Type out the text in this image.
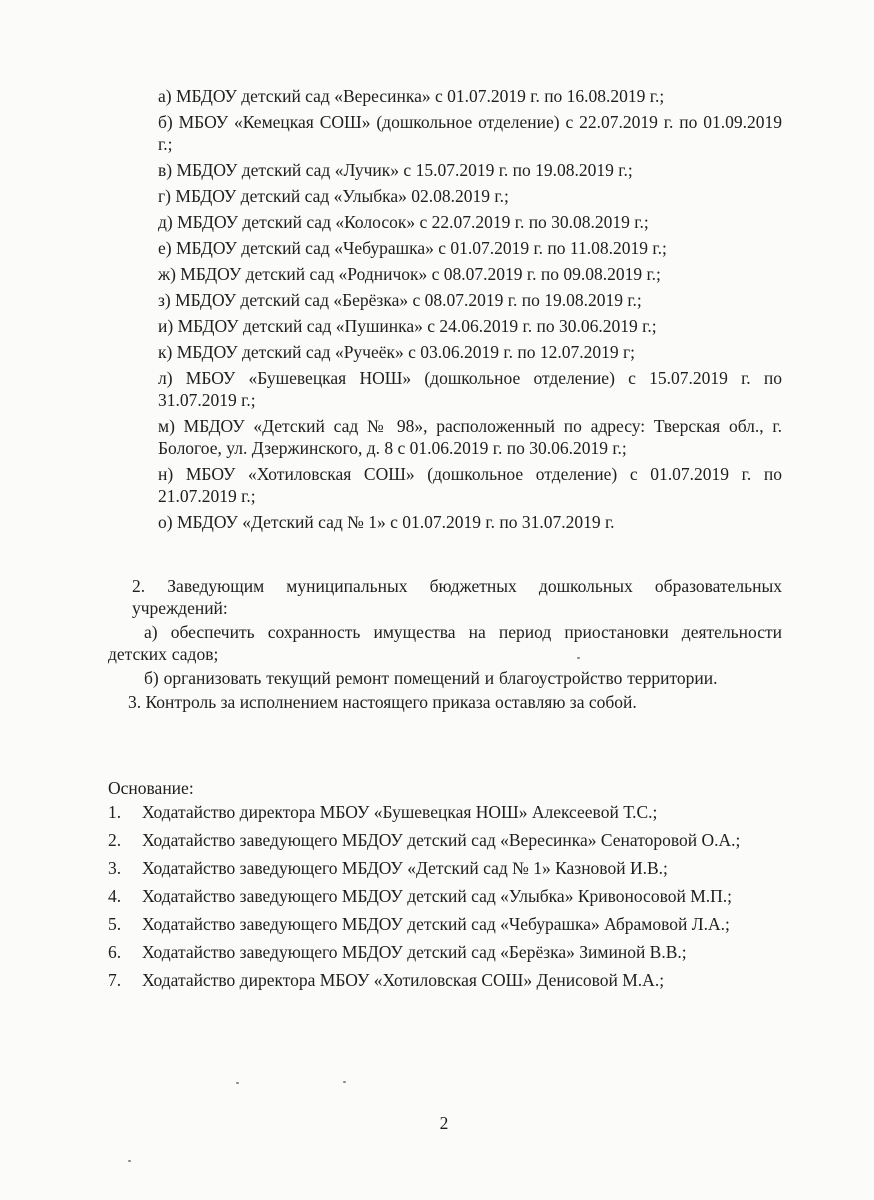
а) МБДОУ детский сад «Вересинка» с 01.07.2019 г. по 16.08.2019 г.;
б) МБОУ «Кемецкая СОШ» (дошкольное отделение) с 22.07.2019 г. по 01.09.2019 г.;
в) МБДОУ детский сад «Лучик» с 15.07.2019 г. по 19.08.2019 г.;
г) МБДОУ детский сад «Улыбка» 02.08.2019 г.;
д) МБДОУ детский сад «Колосок» с 22.07.2019 г. по 30.08.2019 г.;
е) МБДОУ детский сад «Чебурашка» с 01.07.2019 г. по 11.08.2019 г.;
ж) МБДОУ детский сад «Родничок» с 08.07.2019 г. по 09.08.2019 г.;
з) МБДОУ детский сад «Берёзка» с 08.07.2019 г. по 19.08.2019 г.;
и) МБДОУ детский сад «Пушинка» с 24.06.2019 г. по 30.06.2019 г.;
к) МБДОУ детский сад «Ручеёк» с 03.06.2019 г. по 12.07.2019 г;
л) МБОУ «Бушевецкая НОШ» (дошкольное отделение) с 15.07.2019 г. по 31.07.2019 г.;
м) МБДОУ «Детский сад № 98», расположенный по адресу: Тверская обл., г. Бологое, ул. Дзержинского, д. 8 с 01.06.2019 г. по 30.06.2019 г.;
н) МБОУ «Хотиловская СОШ» (дошкольное отделение) с 01.07.2019 г. по 21.07.2019 г.;
о) МБДОУ «Детский сад № 1» с 01.07.2019 г. по 31.07.2019 г.
2. Заведующим муниципальных бюджетных дошкольных образовательных учреждений:
а) обеспечить сохранность имущества на период приостановки деятельности детских садов;
б) организовать текущий ремонт помещений и благоустройство территории.
3. Контроль за исполнением настоящего приказа оставляю за собой.
Основание:
1. Ходатайство директора МБОУ «Бушевецкая НОШ» Алексеевой Т.С.;
2. Ходатайство заведующего МБДОУ детский сад «Вересинка» Сенаторовой О.А.;
3. Ходатайство заведующего МБДОУ «Детский сад № 1» Казновой И.В.;
4. Ходатайство заведующего МБДОУ детский сад «Улыбка» Кривоносовой М.П.;
5. Ходатайство заведующего МБДОУ детский сад «Чебурашка» Абрамовой Л.А.;
6. Ходатайство заведующего МБДОУ детский сад «Берёзка» Зиминой В.В.;
7. Ходатайство директора МБОУ «Хотиловская СОШ» Денисовой М.А.;
2
